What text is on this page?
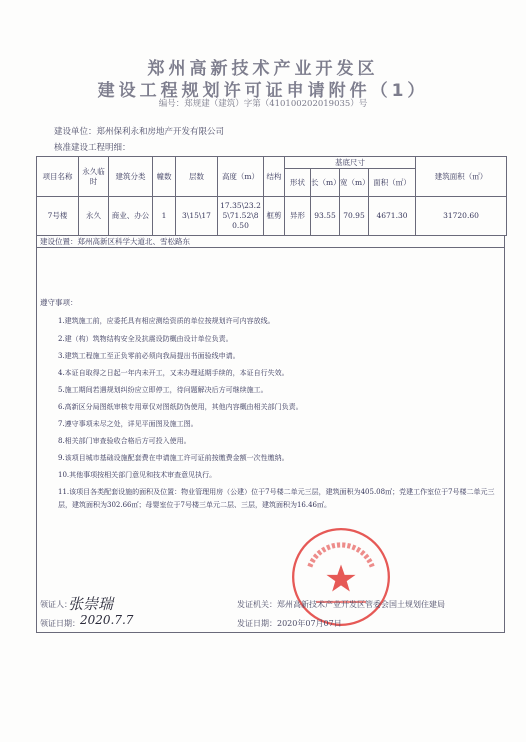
郑州高新技术产业开发区
建设工程规划许可证申请附件（1）
编号：郑规建（建筑）字第（410100202019035）号
建设单位：郑州保利永和房地产开发有限公司
核准建设工程明细：
项目名称	永久临时	建筑分类	幢数	层数	高度（m）	结构	基底尺寸				建筑面积（㎡）
							形状	长（m）	宽（m）	面积（㎡）	
7号楼	永久	商业、办公	1	3\15\17	17.35\23.25\71.52\80.50	框剪	异形	93.55	70.95	4671.30	31720.60
建设位置：郑州高新区科学大道北、雪松路东
遵守事项：
1.建筑施工前，应委托具有相应测绘资质的单位按规划许可内容放线。
2.建（构）筑物结构安全及抗震设防概由设计单位负责。
3.建筑工程施工至正负零前必须向我局提出书面验线申请。
4.本证自取得之日起一年内未开工，又未办理延期手续的，本证自行失效。
5.施工期间若遇规划纠纷应立即停工，待问题解决后方可继续施工。
6.高新区分局图纸审核专用章仅对图纸防伪使用，其他内容概由相关部门负责。
7.遵守事项未尽之处，详见平面图及施工图。
8.相关部门审查验收合格后方可投入使用。
9.该项目城市基础设施配套费在申请施工许可证前按缴费金额一次性缴纳。
10.其他事项按相关部门意见和技术审查意见执行。
11.该项目各类配套设施的面积及位置：物业管理用房（公建）位于7号楼二单元三层，建筑面积为405.08㎡；党建工作室位于7号楼二单元三层，建筑面积为302.66㎡；母婴室位于7号楼三单元二层、三层，建筑面积为16.46㎡。
领证人：
张崇瑞
领证日期： 2020.7.7
发证机关：郑州高新技术产业开发区管委会国土规划住建局
发证日期：2020年07月07日
